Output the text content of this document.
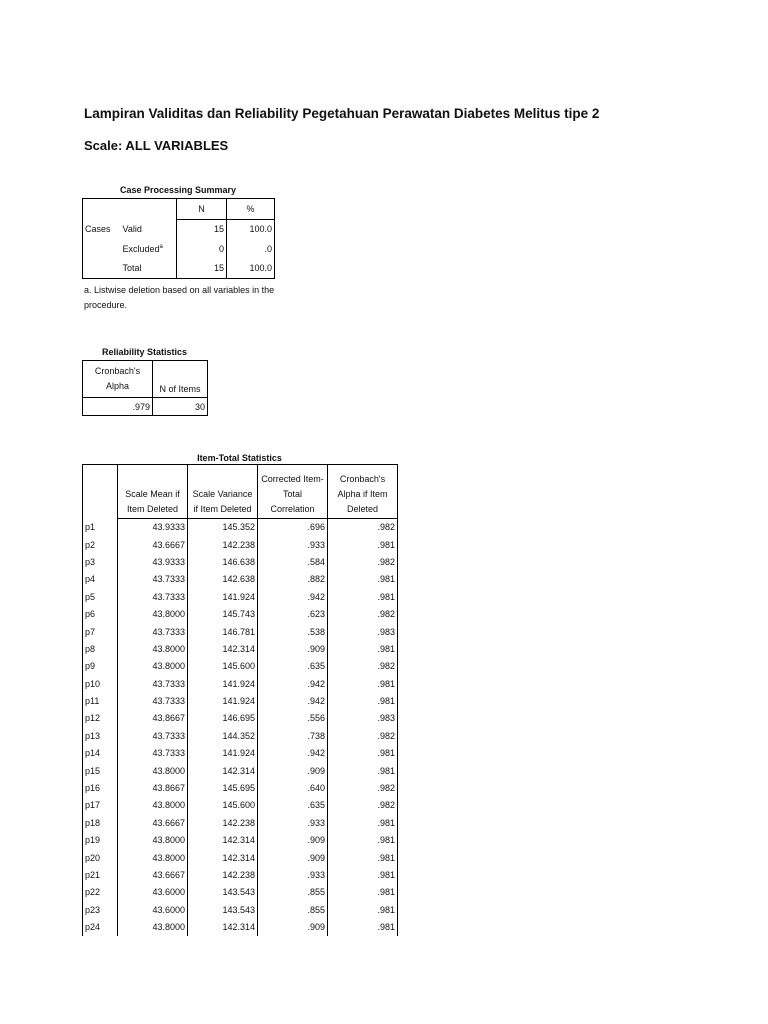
Lampiran Validitas dan Reliability Pegetahuan Perawatan Diabetes Melitus tipe 2
Scale: ALL VARIABLES
Case Processing Summary
		N	%
Cases	Valid	15	100.0
	Excluded$^a$	0	.0
	Total	15	100.0
a. Listwise deletion based on all variables in the procedure.
Reliability Statistics
Cronbach's Alpha	N of Items
.979	30
Item-Total Statistics
	Scale Mean if Item Deleted	Scale Variance if Item Deleted	Corrected Item-Total Correlation	Cronbach's Alpha if Item Deleted
p1	43.9333	145.352	.696	.982
p2	43.6667	142.238	.933	.981
p3	43.9333	146.638	.584	.982
p4	43.7333	142.638	.882	.981
p5	43.7333	141.924	.942	.981
p6	43.8000	145.743	.623	.982
p7	43.7333	146.781	.538	.983
p8	43.8000	142.314	.909	.981
p9	43.8000	145.600	.635	.982
p10	43.7333	141.924	.942	.981
p11	43.7333	141.924	.942	.981
p12	43.8667	146.695	.556	.983
p13	43.7333	144.352	.738	.982
p14	43.7333	141.924	.942	.981
p15	43.8000	142.314	.909	.981
p16	43.8667	145.695	.640	.982
p17	43.8000	145.600	.635	.982
p18	43.6667	142.238	.933	.981
p19	43.8000	142.314	.909	.981
p20	43.8000	142.314	.909	.981
p21	43.6667	142.238	.933	.981
p22	43.6000	143.543	.855	.981
p23	43.6000	143.543	.855	.981
p24	43.8000	142.314	.909	.981
